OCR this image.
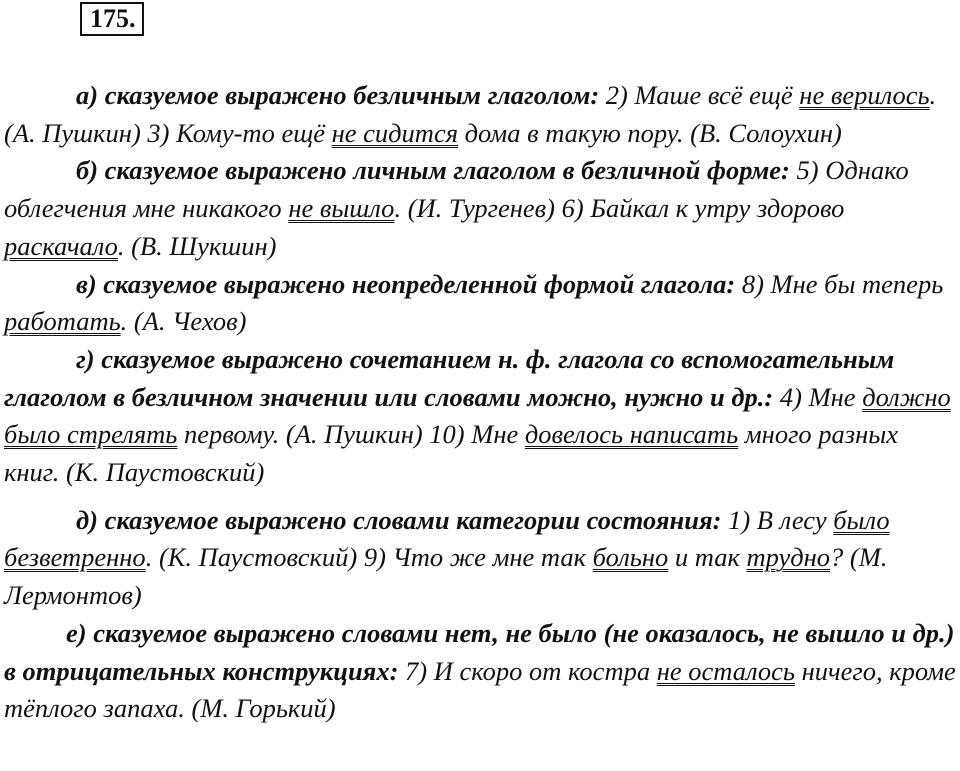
175.

а) сказуемое выражено безличным глаголом: 2) Маше всё ещё не верилось. (А. Пушкин) 3) Кому-то ещё не сидится дома в такую пору. (В. Солоухин)

б) сказуемое выражено личным глаголом в безличной форме: 5) Однако облегчения мне никакого не вышло. (И. Тургенев) 6) Байкал к утру здорово раскачало. (В. Шукшин)

в) сказуемое выражено неопределенной формой глагола: 8) Мне бы теперь работать. (А. Чехов)

г) сказуемое выражено сочетанием н. ф. глагола со вспомогательным глаголом в безличном значении или словами можно, нужно и др.: 4) Мне должно было стрелять первому. (А. Пушкин) 10) Мне довелось написать много разных книг. (К. Паустовский)

д) сказуемое выражено словами категории состояния: 1) В лесу было безветренно. (К. Паустовский) 9) Что же мне так больно и так трудно? (М. Лермонтов)

е) сказуемое выражено словами нет, не было (не оказалось, не вышло и др.) в отрицательных конструкциях: 7) И скоро от костра не осталось ничего, кроме тёплого запаха. (М. Горький)
